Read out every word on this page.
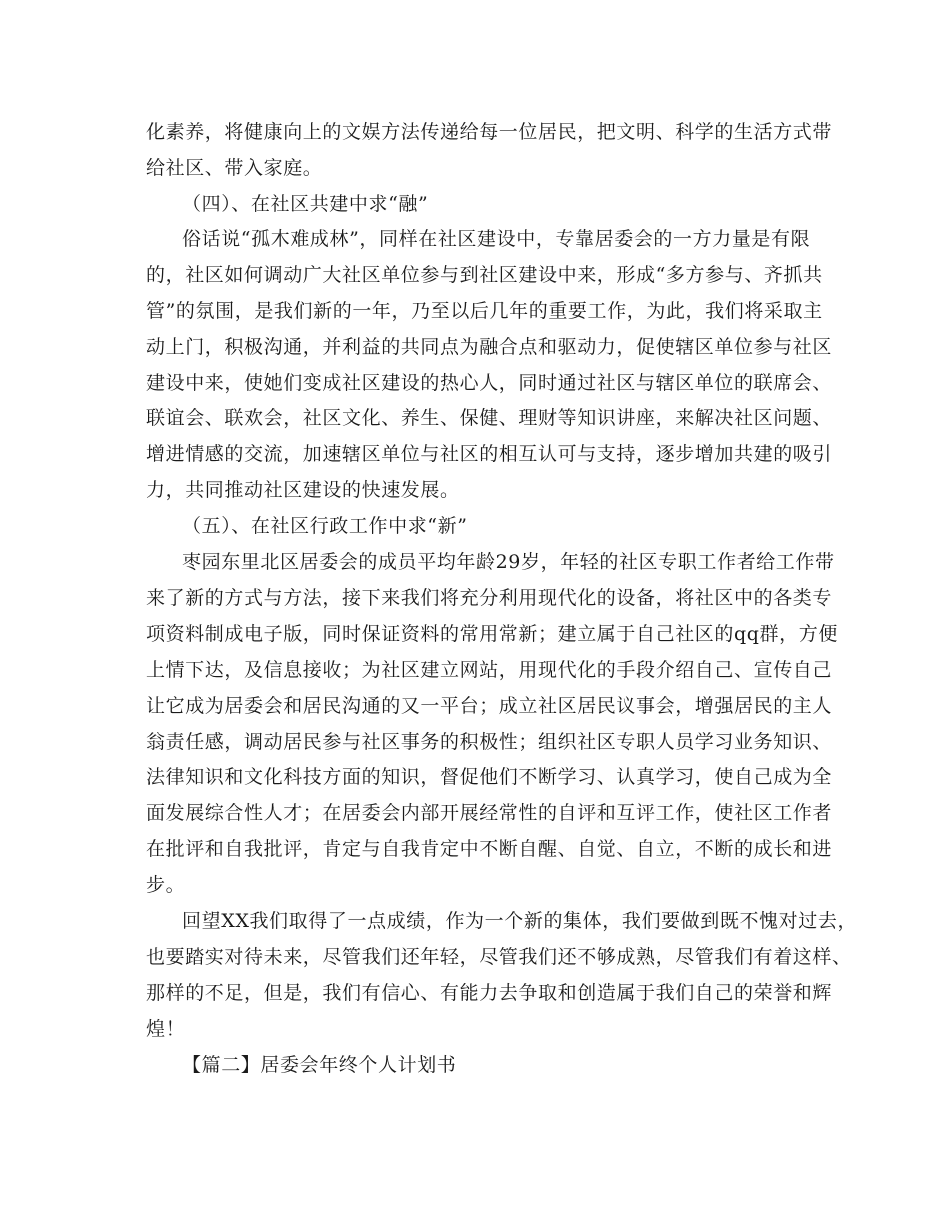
化素养，将健康向上的文娱方法传递给每一位居民，把文明、科学的生活方式带
给社区、带入家庭。
（四）、在社区共建中求“融”
俗话说“孤木难成林”，同样在社区建设中，专靠居委会的一方力量是有限
的，社区如何调动广大社区单位参与到社区建设中来，形成“多方参与、齐抓共
管”的氛围，是我们新的一年，乃至以后几年的重要工作，为此，我们将采取主
动上门，积极沟通，并利益的共同点为融合点和驱动力，促使辖区单位参与社区
建设中来，使她们变成社区建设的热心人，同时通过社区与辖区单位的联席会、
联谊会、联欢会，社区文化、养生、保健、理财等知识讲座，来解决社区问题、
增进情感的交流，加速辖区单位与社区的相互认可与支持，逐步增加共建的吸引
力，共同推动社区建设的快速发展。
（五）、在社区行政工作中求“新”
枣园东里北区居委会的成员平均年龄29岁，年轻的社区专职工作者给工作带
来了新的方式与方法，接下来我们将充分利用现代化的设备，将社区中的各类专
项资料制成电子版，同时保证资料的常用常新；建立属于自己社区的qq群，方便
上情下达，及信息接收；为社区建立网站，用现代化的手段介绍自己、宣传自己
让它成为居委会和居民沟通的又一平台；成立社区居民议事会，增强居民的主人
翁责任感，调动居民参与社区事务的积极性；组织社区专职人员学习业务知识、
法律知识和文化科技方面的知识，督促他们不断学习、认真学习，使自己成为全
面发展综合性人才；在居委会内部开展经常性的自评和互评工作，使社区工作者
在批评和自我批评，肯定与自我肯定中不断自醒、自觉、自立，不断的成长和进
步。
回望XX我们取得了一点成绩，作为一个新的集体，我们要做到既不愧对过去，
也要踏实对待未来，尽管我们还年轻，尽管我们还不够成熟，尽管我们有着这样、
那样的不足，但是，我们有信心、有能力去争取和创造属于我们自己的荣誉和辉
煌！
【篇二】居委会年终个人计划书
